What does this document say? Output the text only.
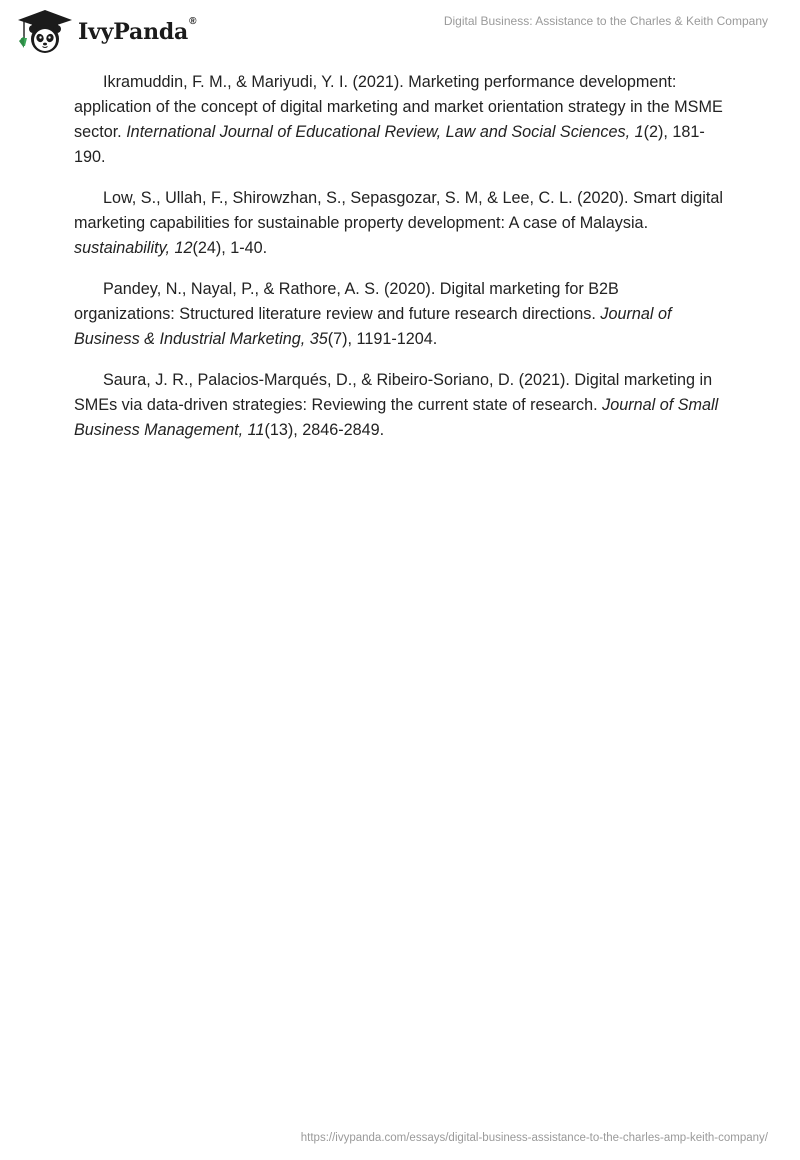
IvyPanda®	Digital Business: Assistance to the Charles & Keith Company

Ikramuddin, F. M., & Mariyudi, Y. I. (2021). Marketing performance development: application of the concept of digital marketing and market orientation strategy in the MSME sector. International Journal of Educational Review, Law and Social Sciences, 1(2), 181-190.

Low, S., Ullah, F., Shirowzhan, S., Sepasgozar, S. M, & Lee, C. L. (2020). Smart digital marketing capabilities for sustainable property development: A case of Malaysia. sustainability, 12(24), 1-40.

Pandey, N., Nayal, P., & Rathore, A. S. (2020). Digital marketing for B2B organizations: Structured literature review and future research directions. Journal of Business & Industrial Marketing, 35(7), 1191-1204.

Saura, J. R., Palacios-Marqués, D., & Ribeiro-Soriano, D. (2021). Digital marketing in SMEs via data-driven strategies: Reviewing the current state of research. Journal of Small Business Management, 11(13), 2846-2849.

https://ivypanda.com/essays/digital-business-assistance-to-the-charles-amp-keith-company/
